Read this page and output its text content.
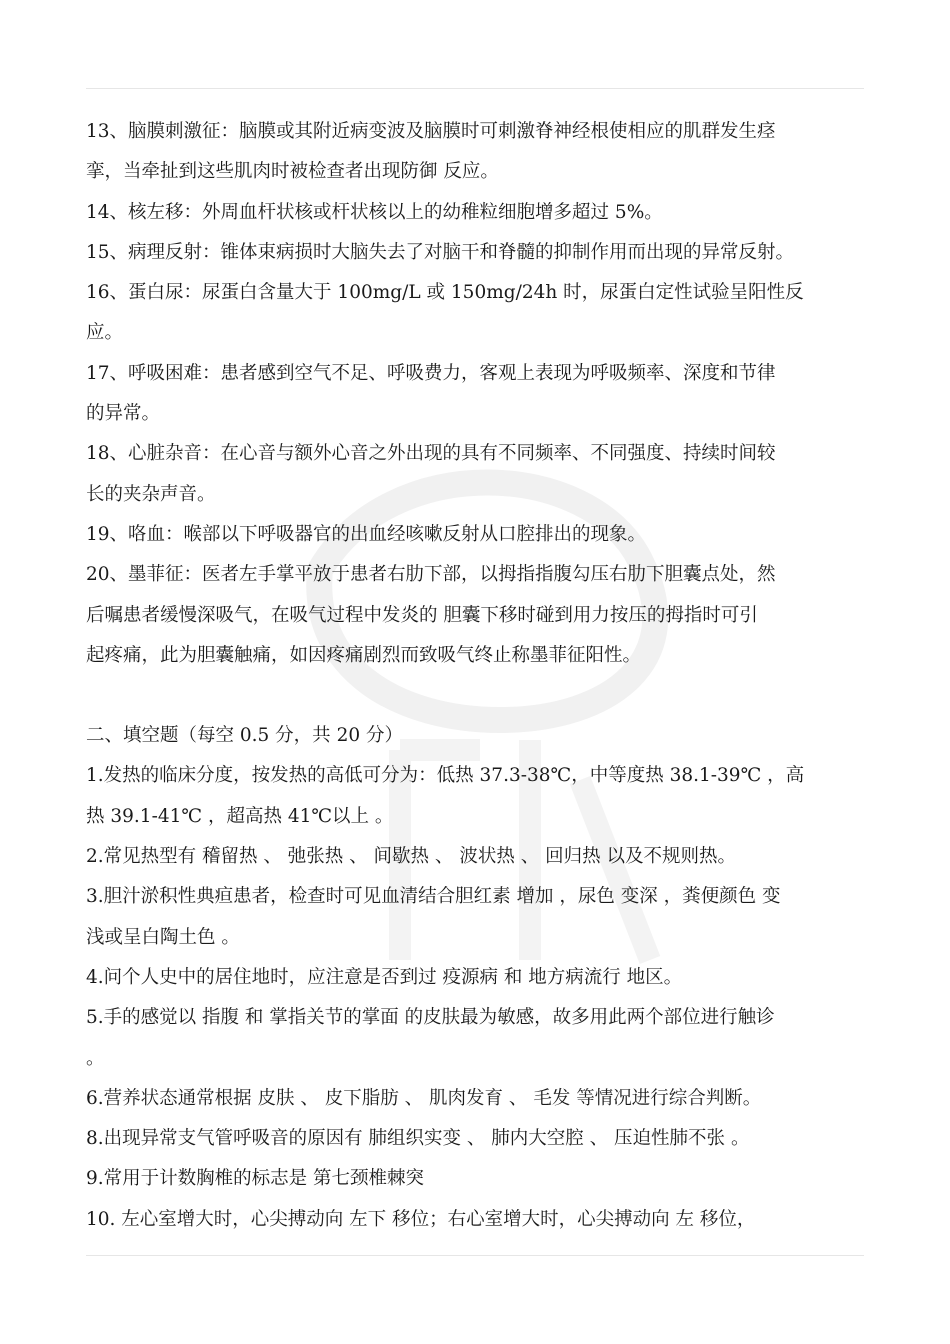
13、脑膜刺激征：脑膜或其附近病变波及脑膜时可刺激脊神经根使相应的肌群发生痉
挛，当牵扯到这些肌肉时被检查者出现防御 反应。
14、核左移：外周血杆状核或杆状核以上的幼稚粒细胞增多超过 5%。
15、病理反射：锥体束病损时大脑失去了对脑干和脊髓的抑制作用而出现的异常反射。
16、蛋白尿：尿蛋白含量大于 100mg/L 或 150mg/24h 时，尿蛋白定性试验呈阳性反
应。
17、呼吸困难：患者感到空气不足、呼吸费力，客观上表现为呼吸频率、深度和节律
的异常。
18、心脏杂音：在心音与额外心音之外出现的具有不同频率、不同强度、持续时间较
长的夹杂声音。
19、咯血：喉部以下呼吸器官的出血经咳嗽反射从口腔排出的现象。
20、墨菲征：医者左手掌平放于患者右肋下部，以拇指指腹勾压右肋下胆囊点处，然
后嘱患者缓慢深吸气，在吸气过程中发炎的 胆囊下移时碰到用力按压的拇指时可引
起疼痛，此为胆囊触痛，如因疼痛剧烈而致吸气终止称墨菲征阳性。
二、填空题（每空 0.5 分，共 20 分）
1.发热的临床分度，按发热的高低可分为：低热 37.3-38℃，中等度热 38.1-39℃ ，高
热 39.1-41℃ ，超高热 41℃以上 。
2.常见热型有 稽留热 、 弛张热 、 间歇热 、 波状热 、 回归热 以及不规则热。
3.胆汁淤积性典疸患者，检查时可见血清结合胆红素 增加 ，尿色 变深 ，粪便颜色 变
浅或呈白陶土色 。
4.问个人史中的居住地时，应注意是否到过 疫源病 和 地方病流行 地区。
5.手的感觉以 指腹 和 掌指关节的掌面 的皮肤最为敏感，故多用此两个部位进行触诊
。
6.营养状态通常根据 皮肤 、 皮下脂肪 、 肌肉发育 、 毛发 等情况进行综合判断。
8.出现异常支气管呼吸音的原因有 肺组织实变 、 肺内大空腔 、 压迫性肺不张 。
9.常用于计数胸椎的标志是 第七颈椎棘突
10. 左心室增大时，心尖搏动向 左下 移位；右心室增大时，心尖搏动向 左 移位，
